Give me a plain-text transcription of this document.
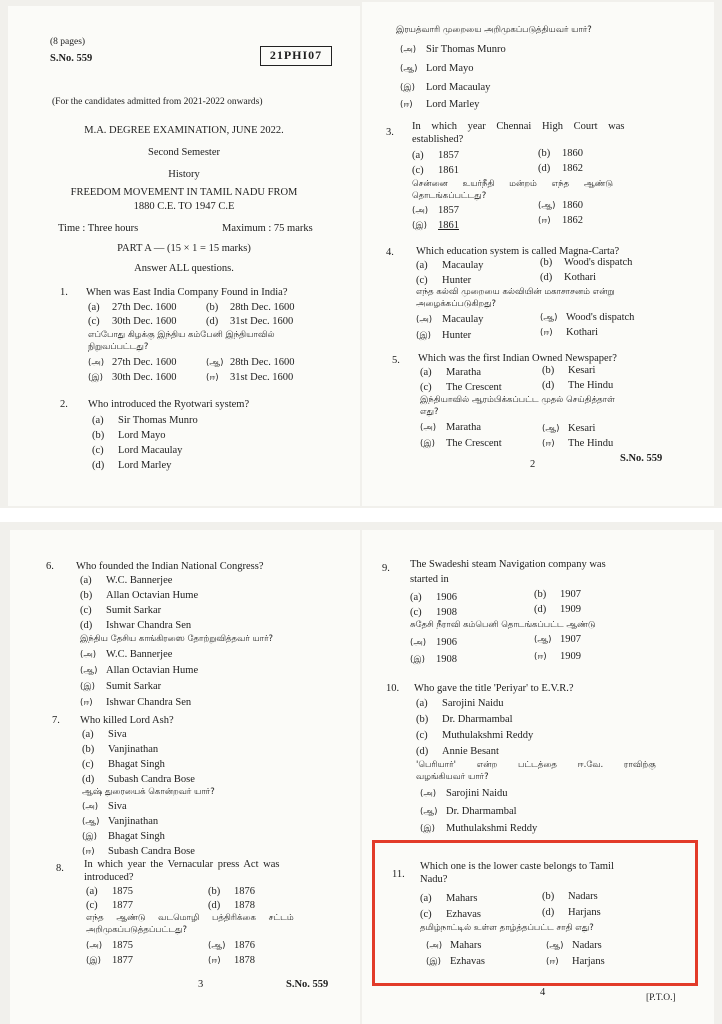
(8 pages)
S.No. 559	21PHI07
(For the candidates admitted from 2021-2022 onwards)
M.A. DEGREE EXAMINATION, JUNE 2022.
Second Semester
History
FREEDOM MOVEMENT IN TAMIL NADU FROM
1880 C.E. TO 1947 C.E
Time : Three hours	Maximum : 75 marks
PART A — (15 × 1 = 15 marks)
Answer ALL questions.
1. When was East India Company Found in India?
(a) 27th Dec. 1600	(b) 28th Dec. 1600
(c) 30th Dec. 1600	(d) 31st Dec. 1600
எப்போது கிழக்கு இந்திய கம்பேனி இந்தியாவில்
நிறுவப்பட்டது?
(அ) 27th Dec. 1600	(ஆ) 28th Dec. 1600
(இ) 30th Dec. 1600	(ஈ) 31st Dec. 1600
2. Who introduced the Ryotwari system?
(a) Sir Thomas Munro
(b) Lord Mayo
(c) Lord Macaulay
(d) Lord Marley
இரயத்வாரி முறையை அறிமுகப்படுத்தியவர் யார்?
(அ) Sir Thomas Munro
(ஆ) Lord Mayo
(இ) Lord Macaulay
(ஈ) Lord Marley
3.
In which year Chennai High Court was
established?
(a) 1857	(b) 1860
(c) 1861	(d) 1862
சென்னை உயர்நீதி மன்றம் எந்த ஆண்டு
தொடங்கப்பட்டது?
(அ) 1857	(ஆ) 1860
(இ) 1861	(ஈ) 1862
4. Which education system is called Magna-Carta?
(a) Macaulay	(b) Wood's dispatch
(c) Hunter	(d) Kothari
எந்த கல்வி முறையை கல்வியின் மகாசாசனம் என்று
அழைக்கப்படுகிறது?
(அ) Macaulay	(ஆ) Wood's dispatch
(இ) Hunter	(ஈ) Kothari
5. Which was the first Indian Owned Newspaper?
(a) Maratha	(b) Kesari
(c) The Crescent	(d) The Hindu
இந்தியாவில் ஆரம்பிக்கப்பட்ட முதல் செய்தித்தாள்
எது?
(அ) Maratha	(ஆ) Kesari
(இ) The Crescent	(ஈ) The Hindu
2
S.No. 559
6. Who founded the Indian National Congress?
(a) W.C. Bannerjee
(b) Allan Octavian Hume
(c) Sumit Sarkar
(d) Ishwar Chandra Sen
இந்திய தேசிய காங்கிரஸை தோற்றுவித்தவர் யார்?
(அ) W.C. Bannerjee
(ஆ) Allan Octavian Hume
(இ) Sumit Sarkar
(ஈ) Ishwar Chandra Sen
7. Who killed Lord Ash?
(a) Siva
(b) Vanjinathan
(c) Bhagat Singh
(d) Subash Candra Bose
ஆஷ் துரையைக் கொன்றவர் யார்?
(அ) Siva
(ஆ) Vanjinathan
(இ) Bhagat Singh
(ஈ) Subash Candra Bose
8. In which year the Vernacular press Act was
introduced?
(a) 1875	(b) 1876
(c) 1877	(d) 1878
எந்த ஆண்டு வடமொழி பத்திரிக்கை சட்டம்
அறிமுகப்படுத்தப்பட்டது?
(அ) 1875	(ஆ) 1876
(இ) 1877	(ஈ) 1878
3	S.No. 559
9. The Swadeshi steam Navigation company was
started in
(a) 1906	(b) 1907
(c) 1908	(d) 1909
சுதேசி நீராவி கம்பெனி தொடங்கப்பட்ட ஆண்டு
(அ) 1906	(ஆ) 1907
(இ) 1908	(ஈ) 1909
10. Who gave the title 'Periyar' to E.V.R.?
(a) Sarojini Naidu
(b) Dr. Dharmambal
(c) Muthulakshmi Reddy
(d) Annie Besant
'பெரியார்' என்ற பட்டத்தை ஈ.வே. ராவிற்கு
வழங்கியவர் யார்?
(அ) Sarojini Naidu
(ஆ) Dr. Dharmambal
(இ) Muthulakshmi Reddy
11.
Which one is the lower caste belongs to Tamil
Nadu?
(a) Mahars	(b) Nadars
(c) Ezhavas	(d) Harjans
தமிழ்நாட்டில் உள்ள தாழ்த்தப்பட்ட சாதி எது?
(அ) Mahars	(ஆ) Nadars
(இ) Ezhavas	(ஈ) Harjans
4	[P.T.O.]
